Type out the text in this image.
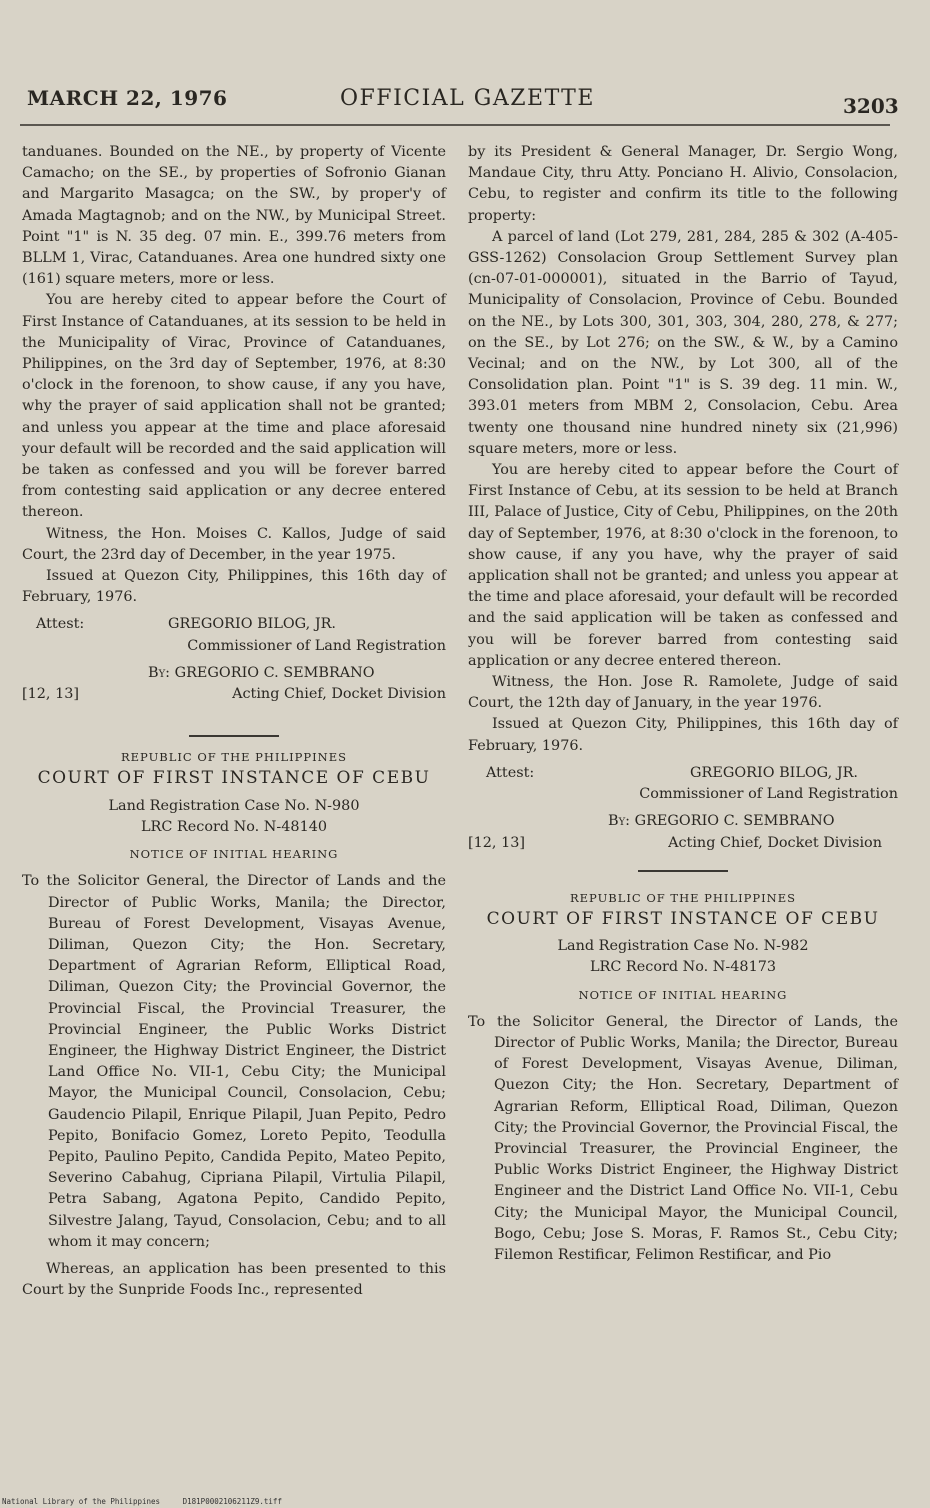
MARCH 22, 1976	OFFICIAL GAZETTE	3203

tanduanes. Bounded on the NE., by property of Vicente Camacho; on the SE., by properties of Sofronio Gianan and Margarito Masagca; on the SW., by proper'y of Amada Magtagnob; and on the NW., by Municipal Street. Point "1" is N. 35 deg. 07 min. E., 399.76 meters from BLLM 1, Virac, Catanduanes. Area one hundred sixty one (161) square meters, more or less.

You are hereby cited to appear before the Court of First Instance of Catanduanes, at its session to be held in the Municipality of Virac, Province of Catanduanes, Philippines, on the 3rd day of September, 1976, at 8:30 o'clock in the forenoon, to show cause, if any you have, why the prayer of said application shall not be granted; and unless you appear at the time and place aforesaid your default will be recorded and the said application will be taken as confessed and you will be forever barred from contesting said application or any decree entered thereon.

Witness, the Hon. Moises C. Kallos, Judge of said Court, the 23rd day of December, in the year 1975.

Issued at Quezon City, Philippines, this 16th day of February, 1976.

Attest:	GREGORIO BILOG, JR.
Commissioner of Land Registration
By: GREGORIO C. SEMBRANO
[12, 13]	Acting Chief, Docket Division
REPUBLIC OF THE PHILIPPINES
COURT OF FIRST INSTANCE OF CEBU
Land Registration Case No. N-980
LRC Record No. N-48140
NOTICE OF INITIAL HEARING

To the Solicitor General, the Director of Lands and the Director of Public Works, Manila; the Director, Bureau of Forest Development, Visayas Avenue, Diliman, Quezon City; the Hon. Secretary, Department of Agrarian Reform, Elliptical Road, Diliman, Quezon City; the Provincial Governor, the Provincial Fiscal, the Provincial Treasurer, the Provincial Engineer, the Public Works District Engineer, the Highway District Engineer, the District Land Office No. VII-1, Cebu City; the Municipal Mayor, the Municipal Council, Consolacion, Cebu; Gaudencio Pilapil, Enrique Pilapil, Juan Pepito, Pedro Pepito, Bonifacio Gomez, Loreto Pepito, Teodulla Pepito, Paulino Pepito, Candida Pepito, Mateo Pepito, Severino Cabahug, Cipriana Pilapil, Virtulia Pilapil, Petra Sabang, Agatona Pepito, Candido Pepito, Silvestre Jalang, Tayud, Consolacion, Cebu; and to all whom it may concern;

Whereas, an application has been presented to this Court by the Sunpride Foods Inc., represented

by its President & General Manager, Dr. Sergio Wong, Mandaue City, thru Atty. Ponciano H. Alivio, Consolacion, Cebu, to register and confirm its title to the following property:

A parcel of land (Lot 279, 281, 284, 285 & 302 (A-405-GSS-1262) Consolacion Group Settlement Survey plan (cn-07-01-000001), situated in the Barrio of Tayud, Municipality of Consolacion, Province of Cebu. Bounded on the NE., by Lots 300, 301, 303, 304, 280, 278, & 277; on the SE., by Lot 276; on the SW., & W., by a Camino Vecinal; and on the NW., by Lot 300, all of the Consolidation plan. Point "1" is S. 39 deg. 11 min. W., 393.01 meters from MBM 2, Consolacion, Cebu. Area twenty one thousand nine hundred ninety six (21,996) square meters, more or less.

You are hereby cited to appear before the Court of First Instance of Cebu, at its session to be held at Branch III, Palace of Justice, City of Cebu, Philippines, on the 20th day of September, 1976, at 8:30 o'clock in the forenoon, to show cause, if any you have, why the prayer of said application shall not be granted; and unless you appear at the time and place aforesaid, your default will be recorded and the said application will be taken as confessed and you will be forever barred from contesting said application or any decree entered thereon.

Witness, the Hon. Jose R. Ramolete, Judge of said Court, the 12th day of January, in the year 1976.

Issued at Quezon City, Philippines, this 16th day of February, 1976.

Attest:	GREGORIO BILOG, JR.
Commissioner of Land Registration
By: GREGORIO C. SEMBRANO
[12, 13]	Acting Chief, Docket Division
REPUBLIC OF THE PHILIPPINES
COURT OF FIRST INSTANCE OF CEBU
Land Registration Case No. N-982
LRC Record No. N-48173
NOTICE OF INITIAL HEARING

To the Solicitor General, the Director of Lands, the Director of Public Works, Manila; the Director, Bureau of Forest Development, Visayas Avenue, Diliman, Quezon City; the Hon. Secretary, Department of Agrarian Reform, Elliptical Road, Diliman, Quezon City; the Provincial Governor, the Provincial Fiscal, the Provincial Treasurer, the Provincial Engineer, the Public Works District Engineer, the Highway District Engineer and the District Land Office No. VII-1, Cebu City; the Municipal Mayor, the Municipal Council, Bogo, Cebu; Jose S. Moras, F. Ramos St., Cebu City; Filemon Restificar, Felimon Restificar, and Pio

National Library of the Philippines     D181P0002106211Z9.tiff
